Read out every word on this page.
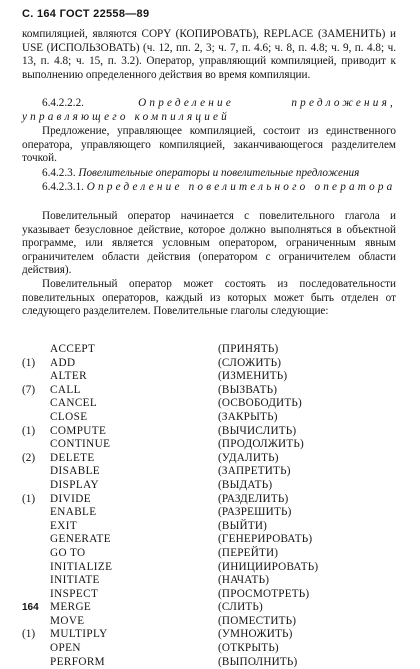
С. 164 ГОСТ 22558—89

компиляцией, являются COPY (КОПИРОВАТЬ), REPLACE (ЗАМЕНИТЬ) и USE (ИСПОЛЬЗОВАТЬ) (ч. 12, пп. 2, 3; ч. 7, п. 4.6; ч. 8, п. 4.8; ч. 9, п. 4.8; ч. 13, п. 4.8; ч. 15, п. 3.2). Оператор, управляющий компиляцией, приводит к выполнению определенного действия во время компиляции.

6.4.2.2.2.	Определение предложения, управляющего компиляцией

Предложение, управляющее компиляцией, состоит из единственного оператора, управляющего компиляцией, заканчивающегося разделителем точкой.

6.4.2.3. Повелительные операторы и повелительные предложения

6.4.2.3.1. Определение повелительного оператора

Повелительный оператор начинается с повелительного глагола и указывает безусловное действие, которое должно выполняться в объектной программе, или является условным оператором, ограниченным явным ограничителем области действия (оператором с ограничителем области действия).

Повелительный оператор может состоять из последовательности повелительных операторов, каждый из которых может быть отделен от следующего разделителем. Повелительные глаголы следующие:

ACCEPT	(ПРИНЯТЬ)
(1)	ADD	(СЛОЖИТЬ)
ALTER	(ИЗМЕНИТЬ)
(7)	CALL	(ВЫЗВАТЬ)
CANCEL	(ОСВОБОДИТЬ)
CLOSE	(ЗАКРЫТЬ)
(1)	COMPUTE	(ВЫЧИСЛИТЬ)
CONTINUE	(ПРОДОЛЖИТЬ)
(2)	DELETE	(УДАЛИТЬ)
DISABLE	(ЗАПРЕТИТЬ)
DISPLAY	(ВЫДАТЬ)
(1)	DIVIDE	(РАЗДЕЛИТЬ)
ENABLE	(РАЗРЕШИТЬ)
EXIT	(ВЫЙТИ)
GENERATE	(ГЕНЕРИРОВАТЬ)
GO TO	(ПЕРЕЙТИ)
INITIALIZE	(ИНИЦИИРОВАТЬ)
INITIATE	(НАЧАТЬ)
INSPECT	(ПРОСМОТРЕТЬ)
MERGE	(СЛИТЬ)
MOVE	(ПОМЕСТИТЬ)
(1)	MULTIPLY	(УМНОЖИТЬ)
OPEN	(ОТКРЫТЬ)
PERFORM	(ВЫПОЛНИТЬ)
164
